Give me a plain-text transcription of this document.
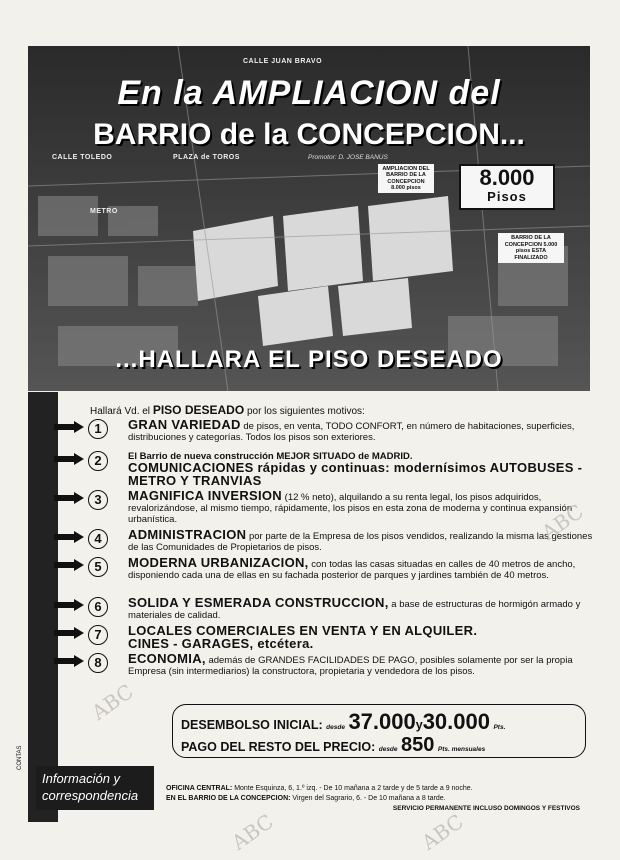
CALLE JUAN BRAVO
CALLE TOLEDO	PLAZA de TOROS
METRO
En la AMPLIACION del
BARRIO de la CONCEPCION...
Promotor: D. JOSE BANUS
AMPLIACION DEL BARRIO DE LA CONCEPCION 8.000 pisos	8.000
Pisos
BARRIO DE LA CONCEPCION 5.000 pisos ESTA FINALIZADO
...HALLARA EL PISO DESEADO
Hallará Vd. el PISO DESEADO por los siguientes motivos:
1	GRAN VARIEDAD de pisos, en venta, TODO CONFORT, en número de habitaciones, superficies, distribuciones y categorías. Todos los pisos son exteriores.
2	El Barrio de nueva construcción MEJOR SITUADO de MADRID.
COMUNICACIONES rápidas y continuas: modernísimos AUTOBUSES - METRO Y TRANVIAS
3	MAGNIFICA INVERSION (12 % neto), alquilando a su renta legal, los pisos adquiridos, revalorizándose, al mismo tiempo, rápidamente, los pisos en esta zona de moderna y continua expansión urbanística.
4	ADMINISTRACION por parte de la Empresa de los pisos vendidos, realizando la misma las gestiones de las Comunidades de Propietarios de pisos.
5	MODERNA URBANIZACION, con todas las casas situadas en calles de 40 metros de ancho, disponiendo cada una de ellas en su fachada posterior de parques y jardines también de 40 metros.
6	SOLIDA Y ESMERADA CONSTRUCCION, a base de estructuras de hormigón armado y materiales de calidad.
7	LOCALES COMERCIALES EN VENTA Y EN ALQUILER.
CINES - GARAGES, etcétera.
8	ECONOMIA, además de GRANDES FACILIDADES DE PAGO, posibles solamente por ser la propia Empresa (sin intermediarios) la constructora, propietaria y vendedora de los pisos.
DESEMBOLSO INICIAL: desde 37.000y30.000 Pts.
PAGO DEL RESTO DEL PRECIO: desde 850 Pts. mensuales
Información y
correspondencia	OFICINA CENTRAL: Monte Esquinza, 6, 1.º izq. - De 10 mañana a 2 tarde y de 5 tarde a 9 noche.
EN EL BARRIO DE LA CONCEPCION: Virgen del Sagrario, 6. - De 10 mañana a 8 tarde.
SERVICIO PERMANENTE INCLUSO DOMINGOS Y FESTIVOS
CONTAS
ABC
ABC	ABC
ABC
